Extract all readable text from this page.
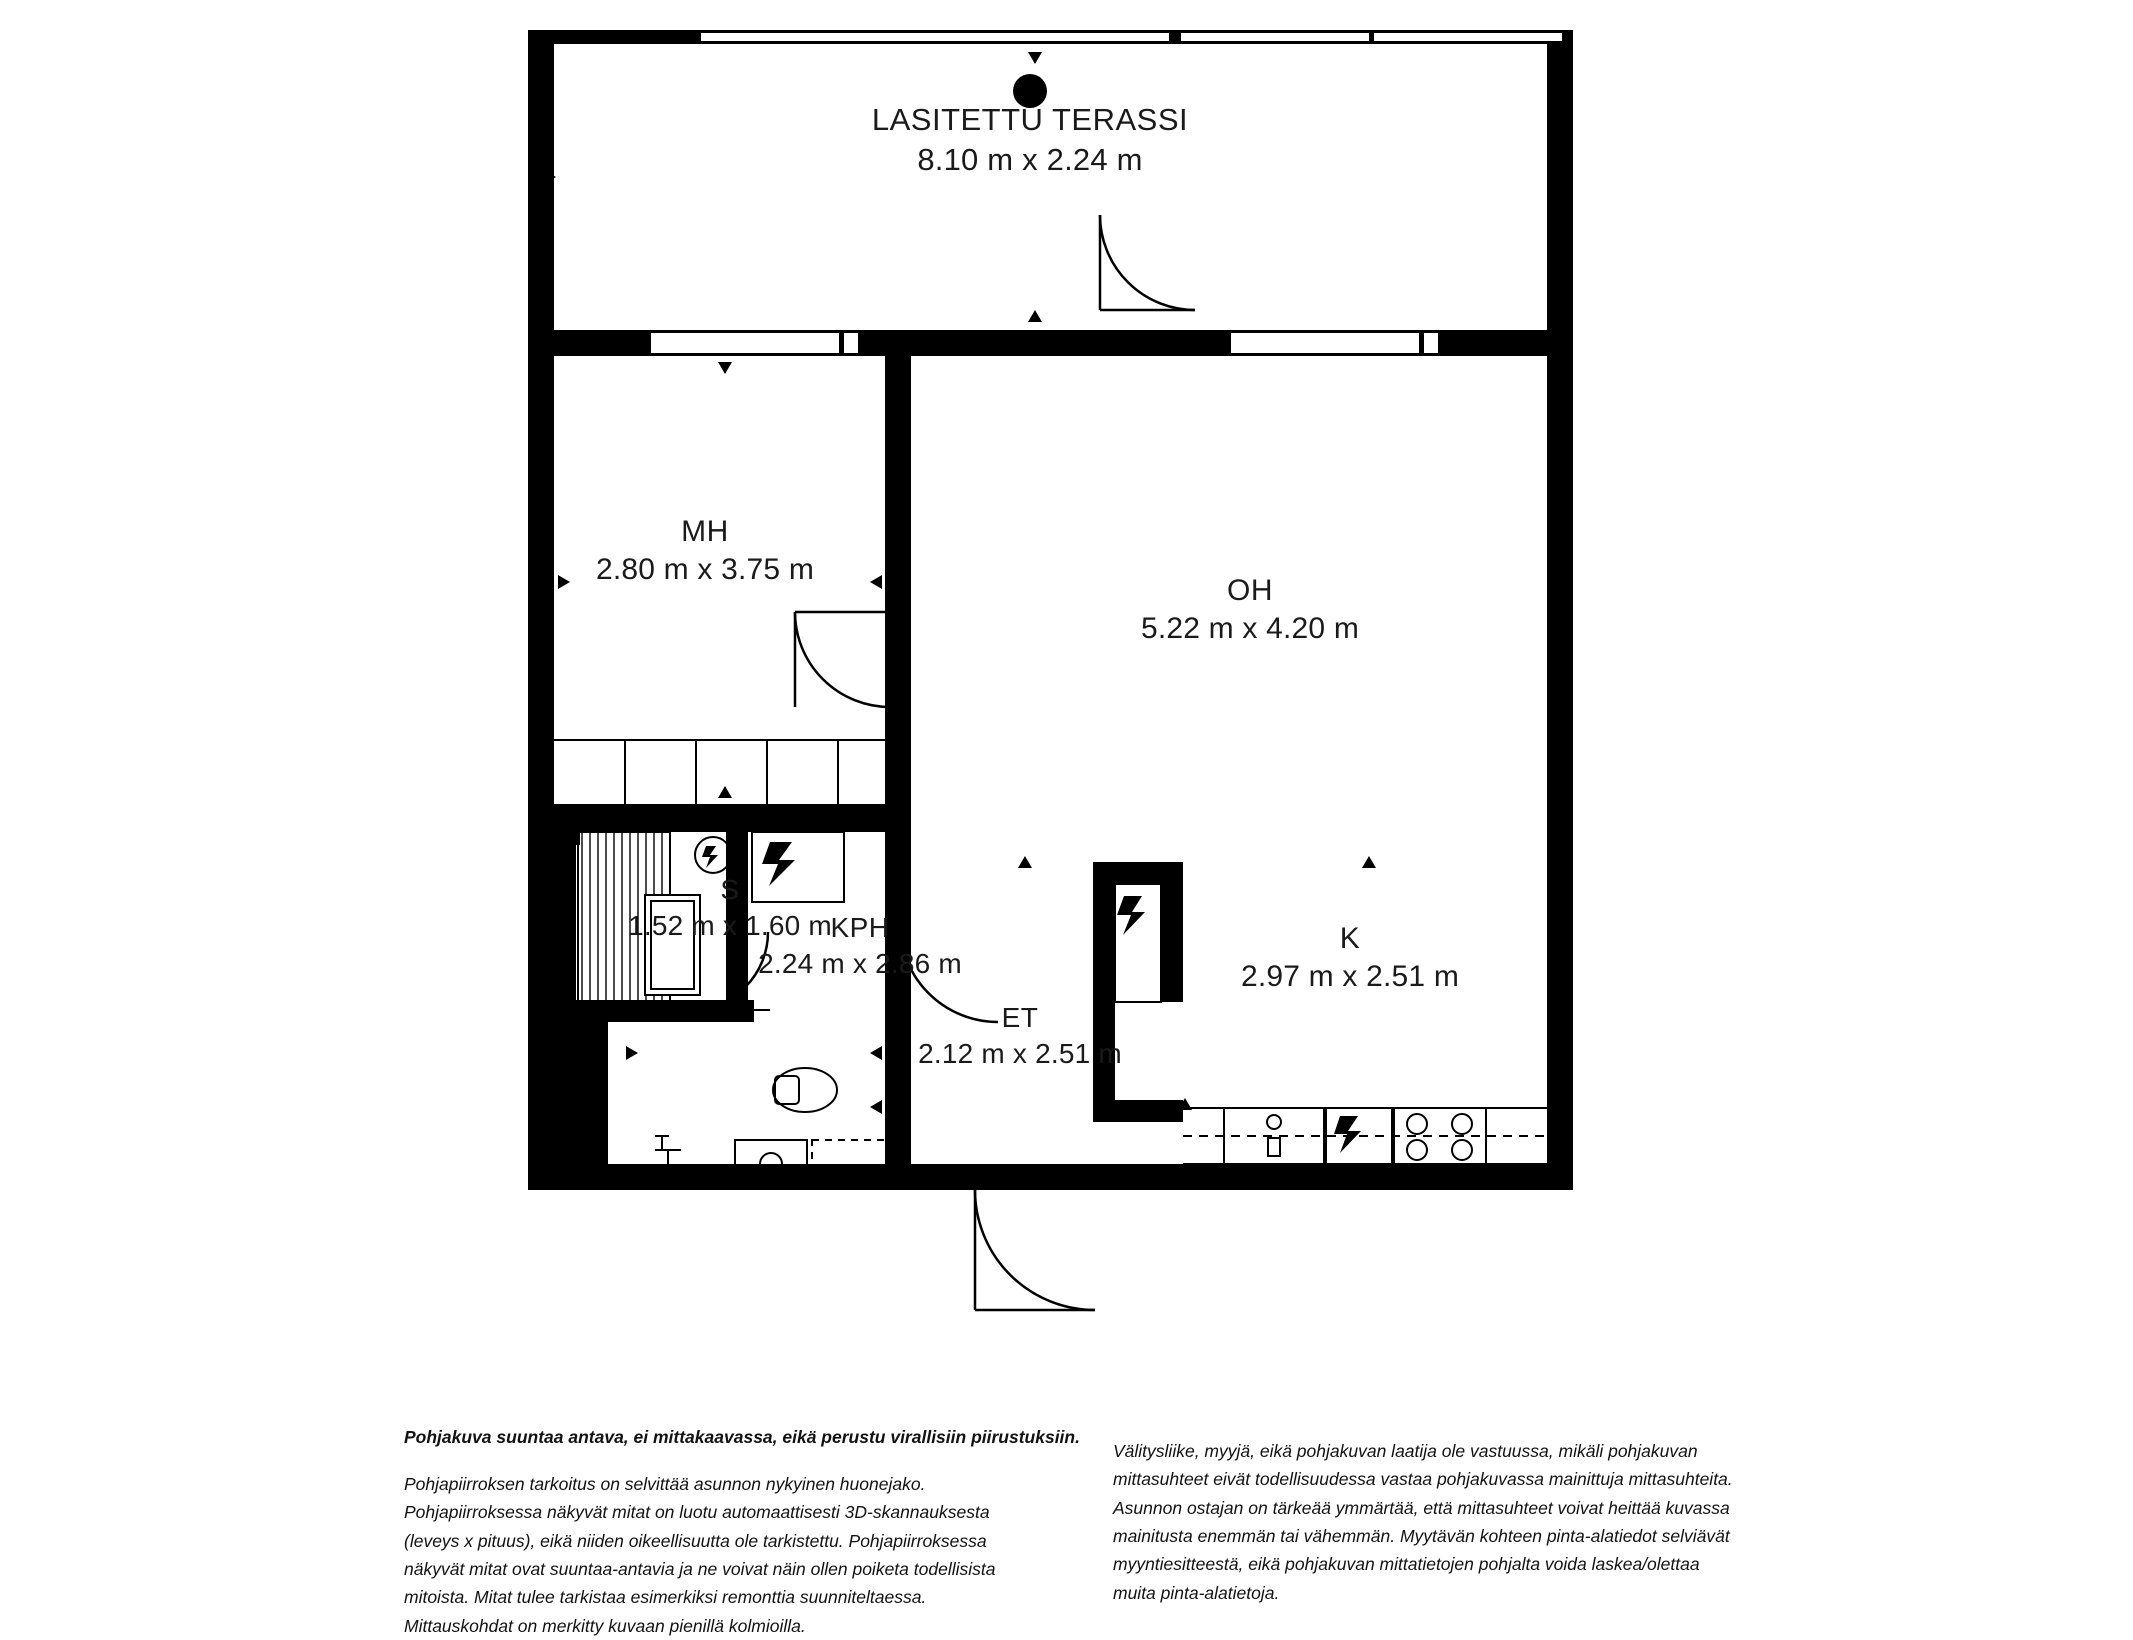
LASITETTU TERASSI
8.10 m x 2.24 m
MH
2.80 m x 3.75 m
OH
5.22 m x 4.20 m
S
1.52 m x 1.60 m
KPH
2.24 m x 2.86 m
ET
2.12 m x 2.51 m
K
2.97 m x 2.51 m
Pohjakuva suuntaa antava, ei mittakaavassa, eikä perustu virallisiin piirustuksiin.
Pohjapiirroksen tarkoitus on selvittää asunnon nykyinen huonejako. Pohjapiirroksessa näkyvät mitat on luotu automaattisesti 3D-skannauksesta (leveys x pituus), eikä niiden oikeellisuutta ole tarkistettu. Pohjapiirroksessa näkyvät mitat ovat suuntaa-antavia ja ne voivat näin ollen poiketa todellisista mitoista. Mitat tulee tarkistaa esimerkiksi remonttia suunniteltaessa. Mittauskohdat on merkitty kuvaan pienillä kolmioilla.
Välitysliike, myyjä, eikä pohjakuvan laatija ole vastuussa, mikäli pohjakuvan mittasuhteet eivät todellisuudessa vastaa pohjakuvassa mainittuja mittasuhteita. Asunnon ostajan on tärkeää ymmärtää, että mittasuhteet voivat heittää kuvassa mainitusta enemmän tai vähemmän. Myytävän kohteen pinta-alatiedot selviävät myyntiesitteestä, eikä pohjakuvan mittatietojen pohjalta voida laskea/olettaa muita pinta-alatietoja.
